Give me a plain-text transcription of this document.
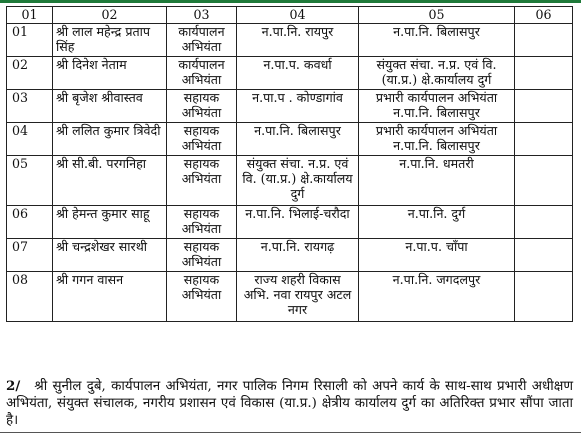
01	02	03	04	05	06
01	श्री लाल महेन्द्र प्रताप सिंह	कार्यपालन अभियंता	न.पा.नि. रायपुर	न.पा.नि. बिलासपुर	
02	श्री दिनेश नेताम	कार्यपालन अभियंता	न.पा.प. कवर्धा	संयुक्त संचा. न.प्र. एवं वि. (या.प्र.) क्षे.कार्यालय दुर्ग	
03	श्री बृजेश श्रीवास्तव	सहायक अभियंता	न.पा.प . कोण्डागांव	प्रभारी कार्यपालन अभियंता न.पा.नि. बिलासपुर	
04	श्री ललित कुमार त्रिवेदी	सहायक अभियंता	न.पा.नि. बिलासपुर	प्रभारी कार्यपालन अभियंता न.पा.नि. बिलासपुर	
05	श्री सी.बी. परगनिहा	सहायक अभियंता	संयुक्त संचा. न.प्र. एवं वि. (या.प्र.) क्षे.कार्यालय दुर्ग	न.पा.नि. धमतरी	
06	श्री हेमन्त कुमार साहू	सहायक अभियंता	न.पा.नि. भिलाई-चरौदा	न.पा.नि. दुर्ग	
07	श्री चन्द्रशेखर सारथी	सहायक अभियंता	न.पा.नि. रायगढ़	न.पा.प. चाँपा	
08	श्री गगन वासन	सहायक अभियंता	राज्य शहरी विकास अभि. नवा रायपुर अटल नगर	न.पा.नि. जगदलपुर	
2/ श्री सुनील दुबे, कार्यपालन अभियंता, नगर पालिक निगम रिसाली को अपने कार्य के साथ-साथ प्रभारी अधीक्षण अभियंता, संयुक्त संचालक, नगरीय प्रशासन एवं विकास (या.प्र.) क्षेत्रीय कार्यालय दुर्ग का अतिरिक्त प्रभार सौंपा जाता है।
